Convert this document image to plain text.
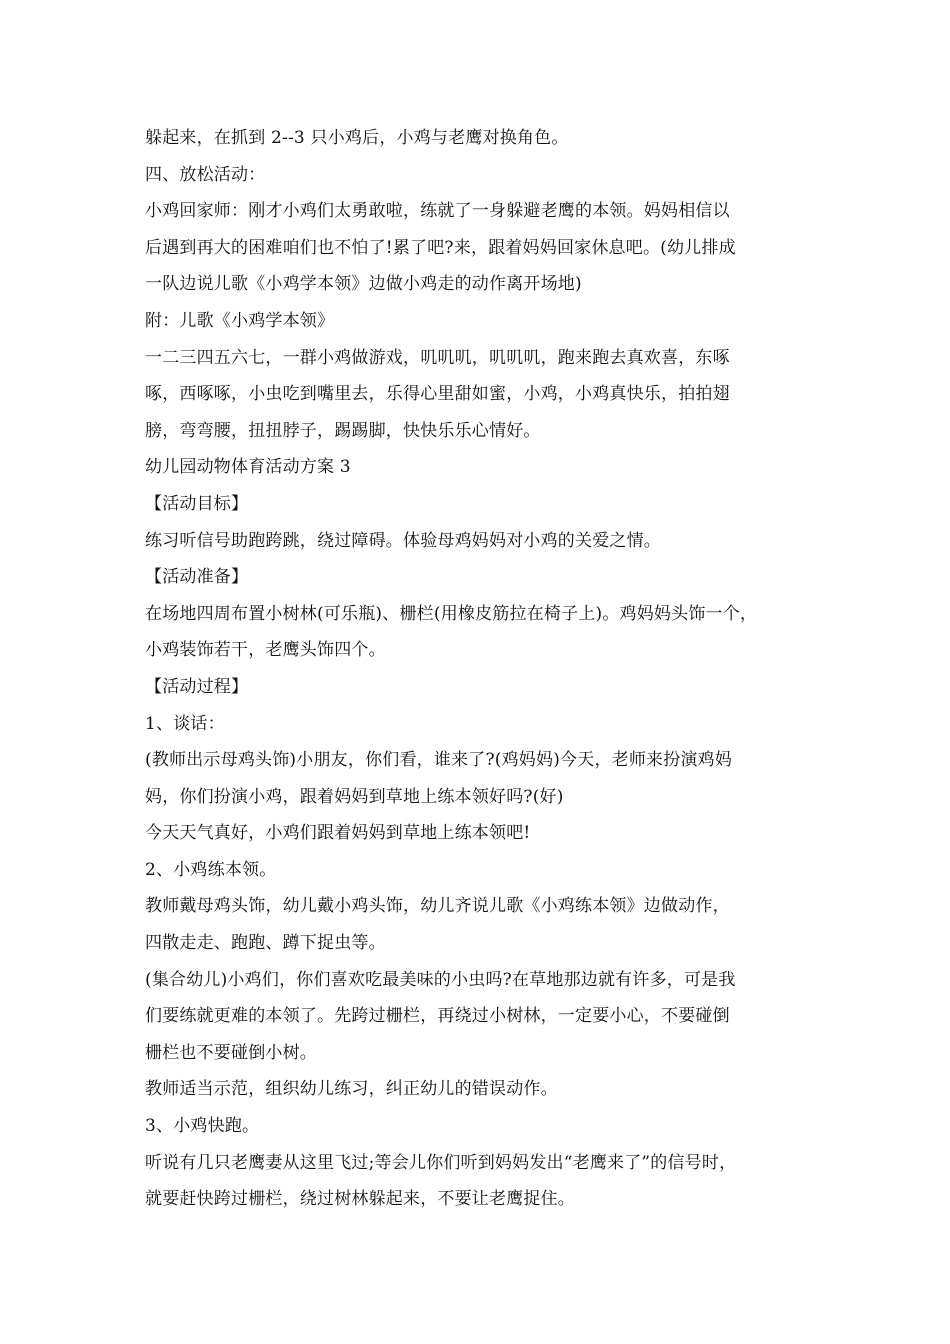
躲起来，在抓到 2--3 只小鸡后，小鸡与老鹰对换角色。
四、放松活动：
小鸡回家师：刚才小鸡们太勇敢啦，练就了一身躲避老鹰的本领。妈妈相信以
后遇到再大的困难咱们也不怕了!累了吧?来，跟着妈妈回家休息吧。(幼儿排成
一队边说儿歌《小鸡学本领》边做小鸡走的动作离开场地)
附：儿歌《小鸡学本领》
一二三四五六七，一群小鸡做游戏，叽叽叽，叽叽叽，跑来跑去真欢喜，东啄
啄，西啄啄，小虫吃到嘴里去，乐得心里甜如蜜，小鸡，小鸡真快乐，拍拍翅
膀，弯弯腰，扭扭脖子，踢踢脚，快快乐乐心情好。
幼儿园动物体育活动方案 3
【活动目标】
练习听信号助跑跨跳，绕过障碍。体验母鸡妈妈对小鸡的关爱之情。
【活动准备】
在场地四周布置小树林(可乐瓶)、栅栏(用橡皮筋拉在椅子上)。鸡妈妈头饰一个，
小鸡装饰若干，老鹰头饰四个。
【活动过程】
1、谈话：
(教师出示母鸡头饰)小朋友，你们看，谁来了?(鸡妈妈)今天，老师来扮演鸡妈
妈，你们扮演小鸡，跟着妈妈到草地上练本领好吗?(好)
今天天气真好，小鸡们跟着妈妈到草地上练本领吧!
2、小鸡练本领。
教师戴母鸡头饰，幼儿戴小鸡头饰，幼儿齐说儿歌《小鸡练本领》边做动作，
四散走走、跑跑、蹲下捉虫等。
(集合幼儿)小鸡们，你们喜欢吃最美味的小虫吗?在草地那边就有许多，可是我
们要练就更难的本领了。先跨过栅栏，再绕过小树林，一定要小心，不要碰倒
栅栏也不要碰倒小树。
教师适当示范，组织幼儿练习，纠正幼儿的错误动作。
3、小鸡快跑。
听说有几只老鹰妻从这里飞过;等会儿你们听到妈妈发出“老鹰来了”的信号时，
就要赶快跨过栅栏，绕过树林躲起来，不要让老鹰捉住。
